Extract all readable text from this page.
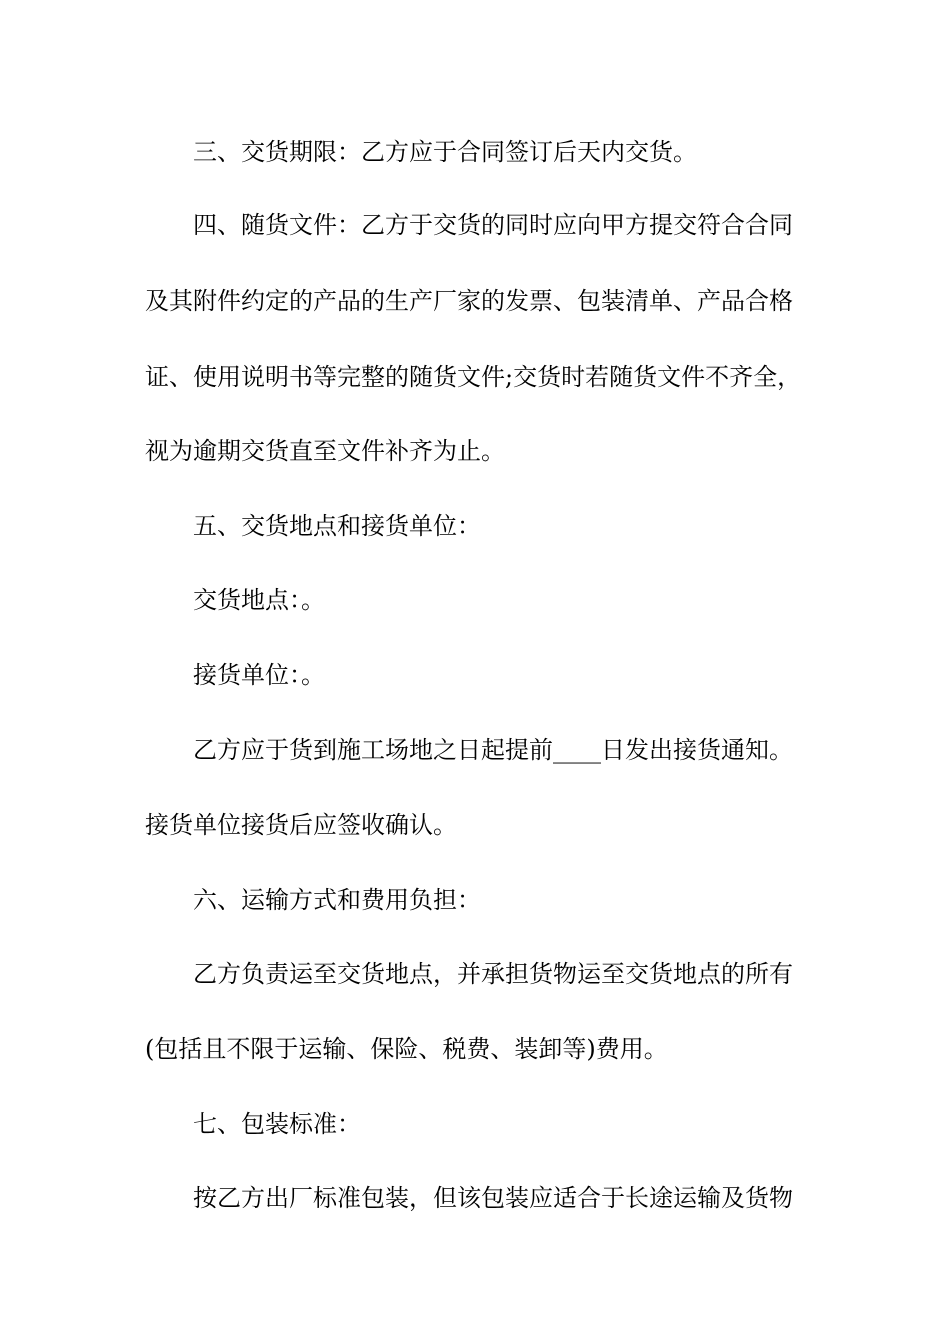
三、交货期限：乙方应于合同签订后天内交货。
四、随货文件：乙方于交货的同时应向甲方提交符合合同
及其附件约定的产品的生产厂家的发票、包装清单、产品合格
证、使用说明书等完整的随货文件;交货时若随货文件不齐全，
视为逾期交货直至文件补齐为止。
五、交货地点和接货单位：
交货地点：。
接货单位：。
乙方应于货到施工场地之日起提前____日发出接货通知。
接货单位接货后应签收确认。
六、运输方式和费用负担：
乙方负责运至交货地点，并承担货物运至交货地点的所有
(包括且不限于运输、保险、税费、装卸等)费用。
七、包装标准：
按乙方出厂标准包装，但该包装应适合于长途运输及货物
